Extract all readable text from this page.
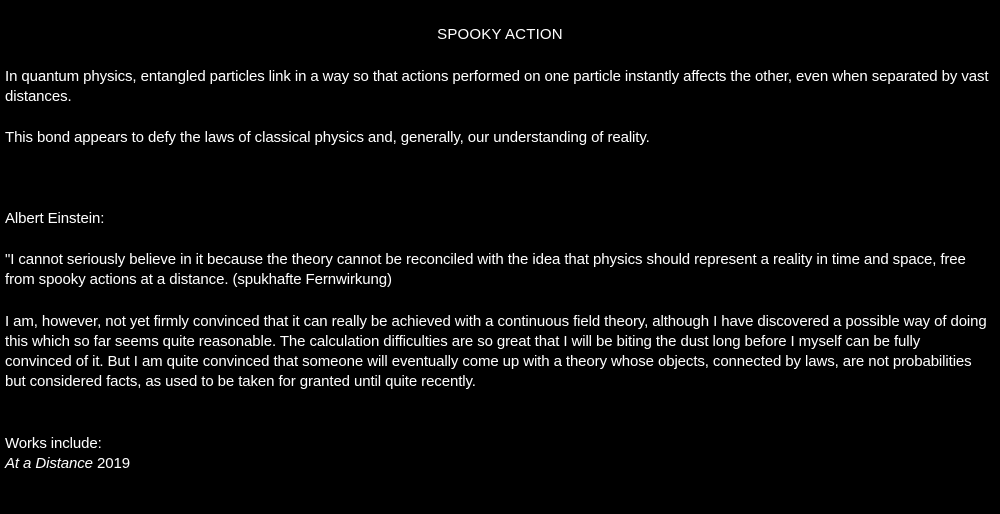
SPOOKY ACTION

In quantum physics, entangled particles link in a way so that actions performed on one particle instantly affects the other, even when separated by vast distances.

This bond appears to defy the laws of classical physics and, generally, our understanding of reality.

Albert Einstein:

"I cannot seriously believe in it because the theory cannot be reconciled with the idea that physics should represent a reality in time and space, free from spooky actions at a distance. (spukhafte Fernwirkung)

I am, however, not yet firmly convinced that it can really be achieved with a continuous field theory, although I have discovered a possible way of doing this which so far seems quite reasonable. The calculation difficulties are so great that I will be biting the dust long before I myself can be fully convinced of it. But I am quite convinced that someone will eventually come up with a theory whose objects, connected by laws, are not probabilities but considered facts, as used to be taken for granted until quite recently.

Works include:

At a Distance 2019
